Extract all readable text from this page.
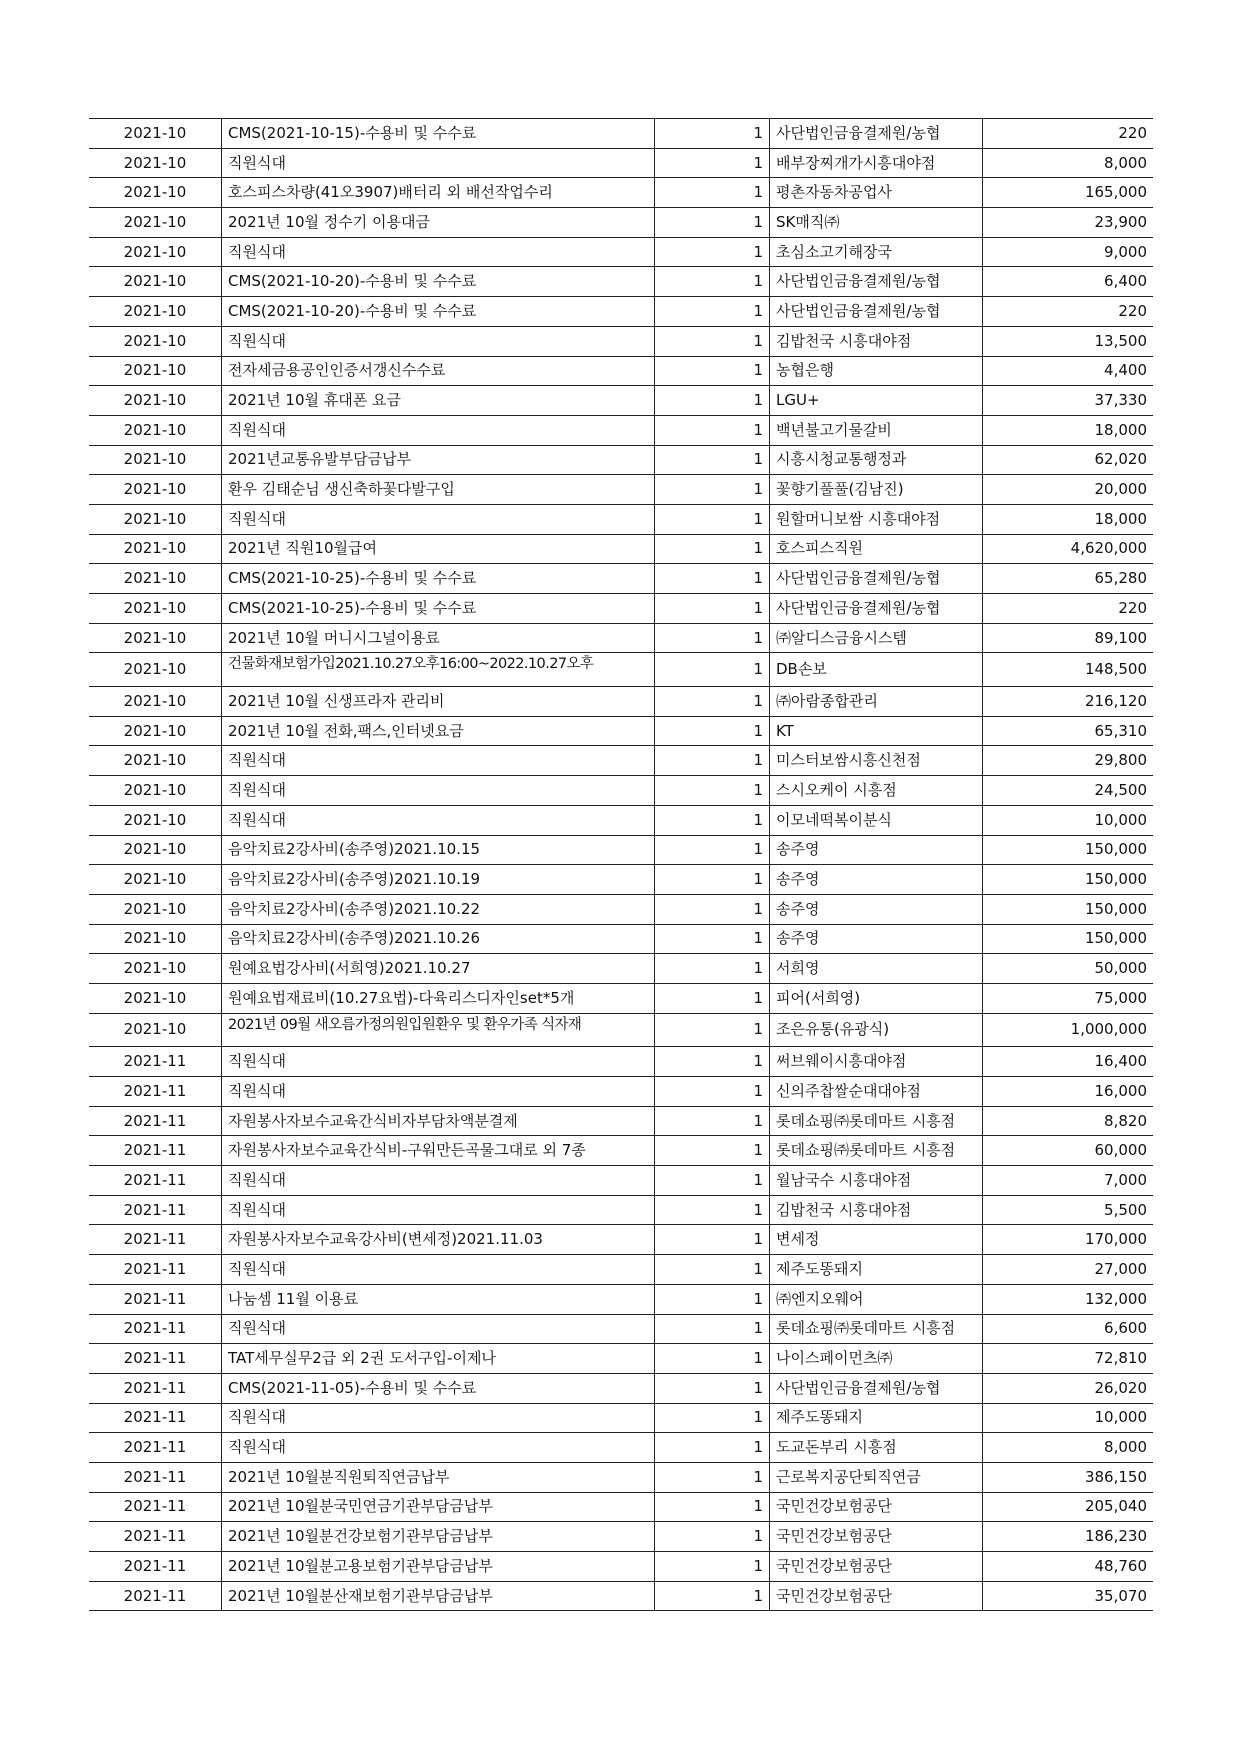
2021-10	CMS(2021-10-15)-수용비 및 수수료	1	사단법인금융결제원/농협	220
2021-10	직원식대	1	배부장찌개가시흥대야점	8,000
2021-10	호스피스차량(41오3907)배터리 외 배선작업수리	1	평촌자동차공업사	165,000
2021-10	2021년 10월 정수기 이용대금	1	SK매직㈜	23,900
2021-10	직원식대	1	초심소고기해장국	9,000
2021-10	CMS(2021-10-20)-수용비 및 수수료	1	사단법인금융결제원/농협	6,400
2021-10	CMS(2021-10-20)-수용비 및 수수료	1	사단법인금융결제원/농협	220
2021-10	직원식대	1	김밥천국 시흥대야점	13,500
2021-10	전자세금용공인인증서갱신수수료	1	농협은행	4,400
2021-10	2021년 10월 휴대폰 요금	1	LGU+	37,330
2021-10	직원식대	1	백년불고기물갈비	18,000
2021-10	2021년교통유발부담금납부	1	시흥시청교통행정과	62,020
2021-10	환우 김태순님 생신축하꽃다발구입	1	꽃향기풀풀(김남진)	20,000
2021-10	직원식대	1	원할머니보쌈 시흥대야점	18,000
2021-10	2021년 직원10월급여	1	호스피스직원	4,620,000
2021-10	CMS(2021-10-25)-수용비 및 수수료	1	사단법인금융결제원/농협	65,280
2021-10	CMS(2021-10-25)-수용비 및 수수료	1	사단법인금융결제원/농협	220
2021-10	2021년 10월 머니시그널이용료	1	㈜알디스금융시스템	89,100
2021-10	건물화재보험가입2021.10.27오후16:00~2022.10.27오후	1	DB손보	148,500
2021-10	2021년 10월 신생프라자 관리비	1	㈜아람종합관리	216,120
2021-10	2021년 10월 전화,팩스,인터넷요금	1	KT	65,310
2021-10	직원식대	1	미스터보쌈시흥신천점	29,800
2021-10	직원식대	1	스시오케이 시흥점	24,500
2021-10	직원식대	1	이모네떡복이분식	10,000
2021-10	음악치료2강사비(송주영)2021.10.15	1	송주영	150,000
2021-10	음악치료2강사비(송주영)2021.10.19	1	송주영	150,000
2021-10	음악치료2강사비(송주영)2021.10.22	1	송주영	150,000
2021-10	음악치료2강사비(송주영)2021.10.26	1	송주영	150,000
2021-10	원예요법강사비(서희영)2021.10.27	1	서희영	50,000
2021-10	원예요법재료비(10.27요법)-다육리스디자인set*5개	1	피어(서희영)	75,000
2021-10	2021년 09월 새오름가정의원입원환우 및 환우가족 식자재	1	조은유통(유광식)	1,000,000
2021-11	직원식대	1	써브웨이시흥대야점	16,400
2021-11	직원식대	1	신의주찹쌀순대대야점	16,000
2021-11	자원봉사자보수교육간식비자부담차액분결제	1	롯데쇼핑㈜롯데마트 시흥점	8,820
2021-11	자원봉사자보수교육간식비-구워만든곡물그대로 외 7종	1	롯데쇼핑㈜롯데마트 시흥점	60,000
2021-11	직원식대	1	월남국수 시흥대야점	7,000
2021-11	직원식대	1	김밥천국 시흥대야점	5,500
2021-11	자원봉사자보수교육강사비(변세정)2021.11.03	1	변세정	170,000
2021-11	직원식대	1	제주도똥돼지	27,000
2021-11	나눔셈 11월 이용료	1	㈜엔지오웨어	132,000
2021-11	직원식대	1	롯데쇼핑㈜롯데마트 시흥점	6,600
2021-11	TAT세무실무2급 외 2권 도서구입-이제나	1	나이스페이먼츠㈜	72,810
2021-11	CMS(2021-11-05)-수용비 및 수수료	1	사단법인금융결제원/농협	26,020
2021-11	직원식대	1	제주도똥돼지	10,000
2021-11	직원식대	1	도교돈부리 시흥점	8,000
2021-11	2021년 10월분직원퇴직연금납부	1	근로복지공단퇴직연금	386,150
2021-11	2021년 10월분국민연금기관부담금납부	1	국민건강보험공단	205,040
2021-11	2021년 10월분건강보험기관부담금납부	1	국민건강보험공단	186,230
2021-11	2021년 10월분고용보험기관부담금납부	1	국민건강보험공단	48,760
2021-11	2021년 10월분산재보험기관부담금납부	1	국민건강보험공단	35,070
